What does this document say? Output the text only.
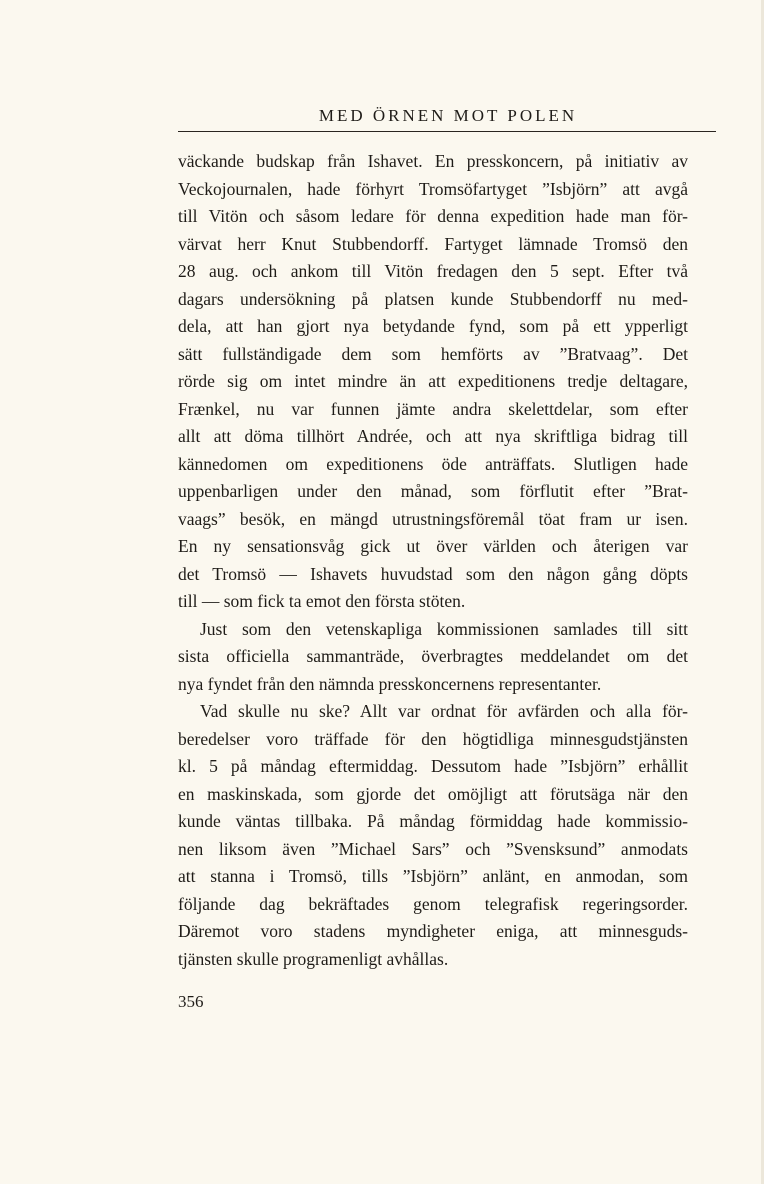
MED ÖRNEN MOT POLEN
väckande budskap från Ishavet. En presskoncern, på initiativ av
Veckojournalen, hade förhyrt Tromsöfartyget ”Isbjörn” att avgå
till Vitön och såsom ledare för denna expedition hade man för-
värvat herr Knut Stubbendorff. Fartyget lämnade Tromsö den
28 aug. och ankom till Vitön fredagen den 5 sept. Efter två
dagars undersökning på platsen kunde Stubbendorff nu med-
dela, att han gjort nya betydande fynd, som på ett ypperligt
sätt fullständigade dem som hemförts av ”Bratvaag”. Det
rörde sig om intet mindre än att expeditionens tredje deltagare,
Frænkel, nu var funnen jämte andra skelettdelar, som efter
allt att döma tillhört Andrée, och att nya skriftliga bidrag till
kännedomen om expeditionens öde anträffats. Slutligen hade
uppenbarligen under den månad, som förflutit efter ”Brat-
vaags” besök, en mängd utrustningsföremål töat fram ur isen.
En ny sensationsvåg gick ut över världen och återigen var
det Tromsö — Ishavets huvudstad som den någon gång döpts
till — som fick ta emot den första stöten.
Just som den vetenskapliga kommissionen samlades till sitt
sista officiella sammanträde, överbragtes meddelandet om det
nya fyndet från den nämnda presskoncernens representanter.
Vad skulle nu ske? Allt var ordnat för avfärden och alla för-
beredelser voro träffade för den högtidliga minnesgudstjänsten
kl. 5 på måndag eftermiddag. Dessutom hade ”Isbjörn” erhållit
en maskinskada, som gjorde det omöjligt att förutsäga när den
kunde väntas tillbaka. På måndag förmiddag hade kommissio-
nen liksom även ”Michael Sars” och ”Svensksund” anmodats
att stanna i Tromsö, tills ”Isbjörn” anlänt, en anmodan, som
följande dag bekräftades genom telegrafisk regeringsorder.
Däremot voro stadens myndigheter eniga, att minnesguds-
tjänsten skulle programenligt avhållas.
356
